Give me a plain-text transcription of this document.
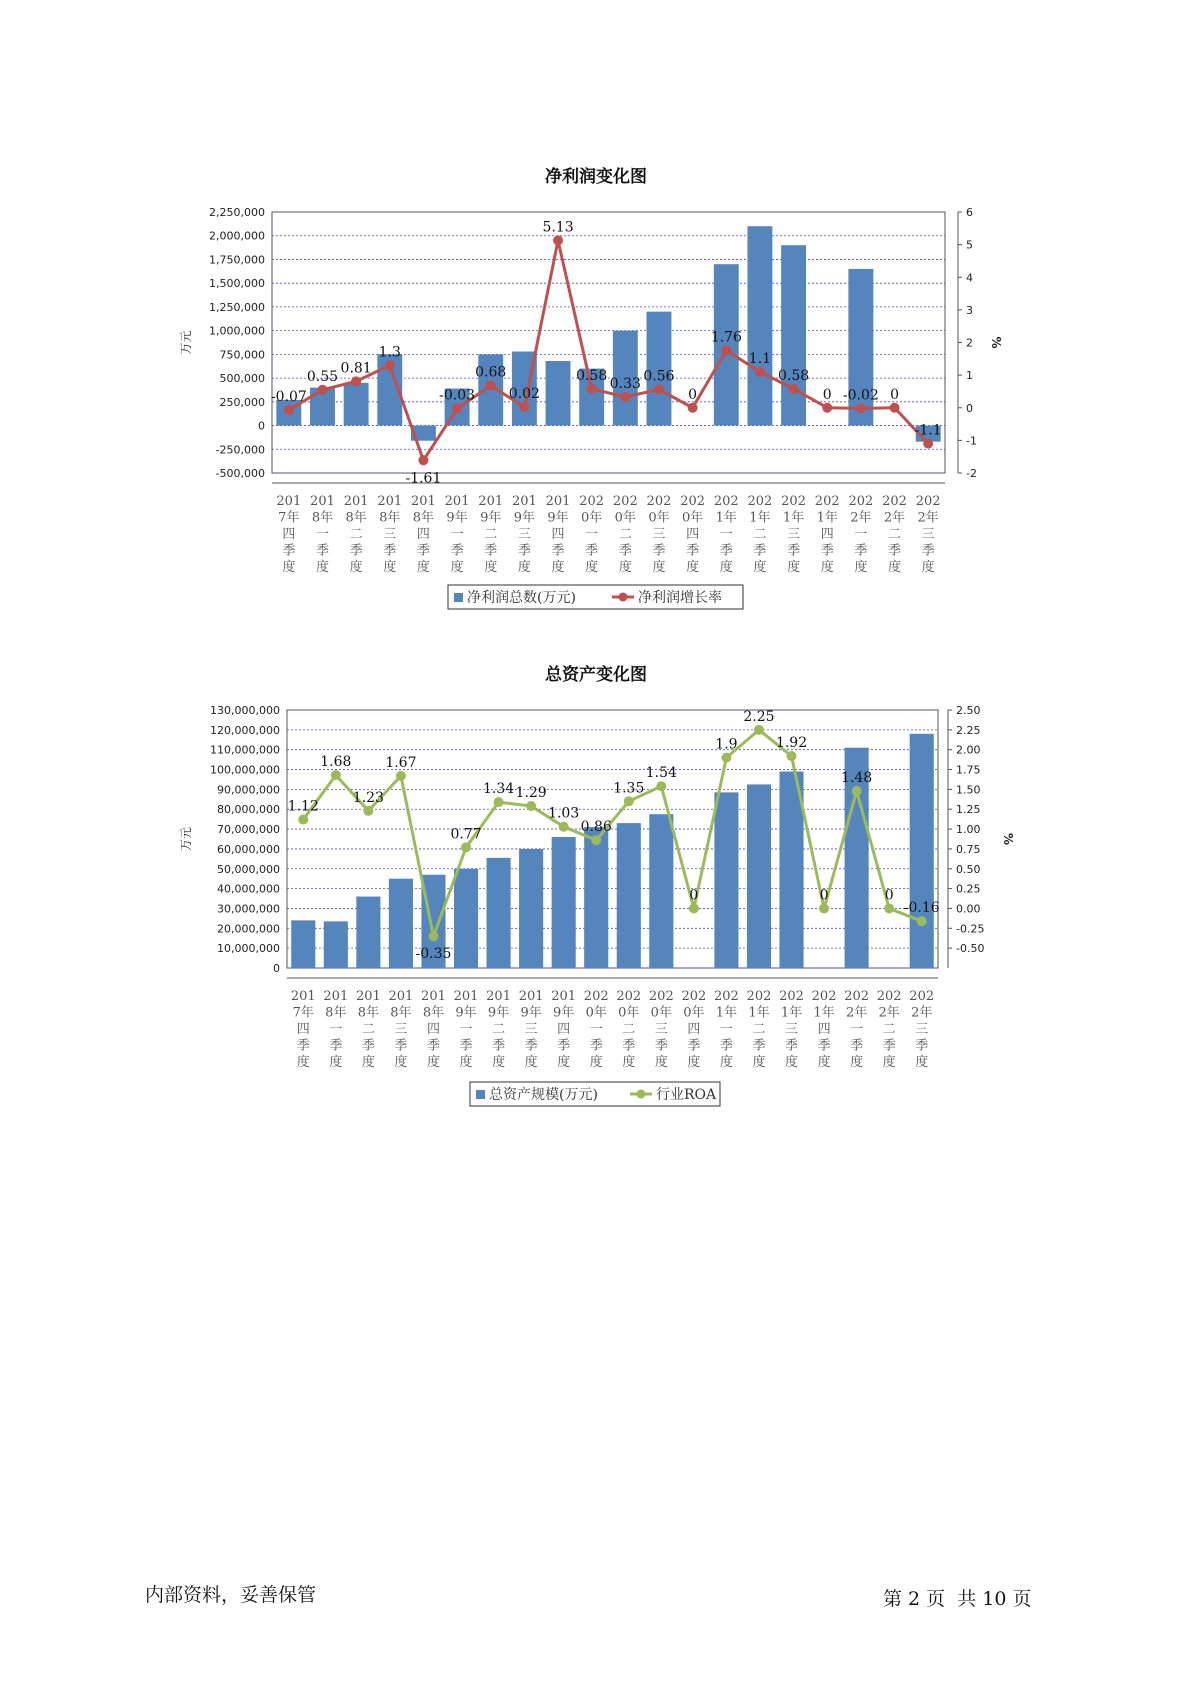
净利润变化图
-500,000
-250,000
0
250,000
500,000
750,000
1,000,000
1,250,000
1,500,000
1,750,000
2,000,000
2,250,000
-2
-1
0
1
2
3
4
5
6
万元	%
-0.07
0.55
0.81
1.3
-1.61
-0.03
0.68
0.02
5.13
0.58
0.33 0.56
0
1.76
1.1
0.58
0 -0.02 0
-1.1
201
7年
四
季
度
201
8年
一
季
度
201
8年
二
季
度
201
8年
三
季
度
201
8年
四
季
度
201
9年
一
季
度
201
9年
二
季
度
201
9年
三
季
度
201
9年
四
季
度
202
0年
一
季
度
202
0年
二
季
度
202
0年
三
季
度
202
0年
四
季
度
202
1年
一
季
度
202
1年
二
季
度
202
1年
三
季
度
202
1年
四
季
度
202
2年
一
季
度
202
2年
二
季
度
202
2年
三
季
度
净利润总数(万元)	净利润增长率
总资产变化图
0
10,000,000
20,000,000
30,000,000
40,000,000
50,000,000
60,000,000
70,000,000
80,000,000
90,000,000
100,000,000
110,000,000
120,000,000
130,000,000
-0.50
-0.25
0.00
0.25
0.50
0.75
1.00
1.25
1.50
1.75
2.00
2.25
2.50
万元	%
1.12
1.68
1.23
1.67
-0.35
0.77
1.34 1.29
1.03
0.86
1.35
1.54
0
1.9
2.25
1.92
0
1.48
0
-0.16
201
7年
四
季
度
201
8年
一
季
度
201
8年
二
季
度
201
8年
三
季
度
201
8年
四
季
度
201
9年
一
季
度
201
9年
二
季
度
201
9年
三
季
度
201
9年
四
季
度
202
0年
一
季
度
202
0年
二
季
度
202
0年
三
季
度
202
0年
四
季
度
202
1年
一
季
度
202
1年
二
季
度
202
1年
三
季
度
202
1年
四
季
度
202
2年
一
季
度
202
2年
二
季
度
202
2年
三
季
度
总资产规模(万元)	行业ROA
内部资料，妥善保管	第 2 页  共 10 页
